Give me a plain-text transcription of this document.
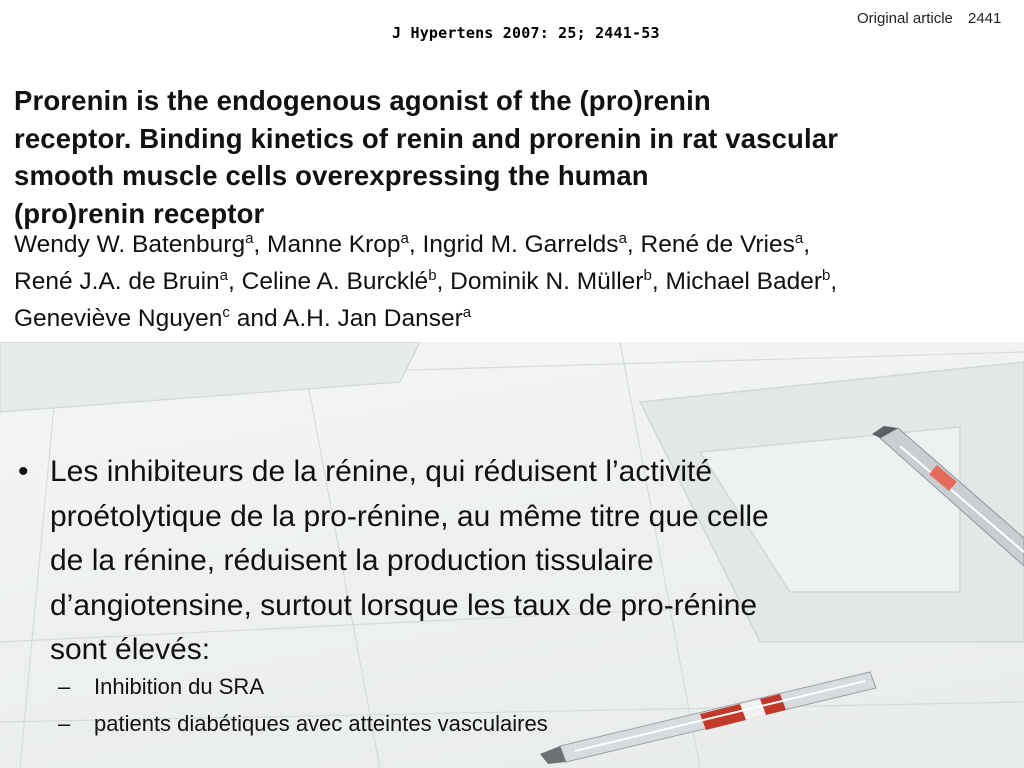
J Hypertens 2007: 25; 2441-53
Original article 2441
Prorenin is the endogenous agonist of the (pro)renin
receptor. Binding kinetics of renin and prorenin in rat vascular
smooth muscle cells overexpressing the human
(pro)renin receptor
Wendy W. Batenburg$^a$, Manne Krop$^a$, Ingrid M. Garrelds$^a$, René de Vries$^a$,
René J.A. de Bruin$^a$, Celine A. Burcklé$^b$, Dominik N. Müller$^b$, Michael Bader$^b$,
Geneviève Nguyen$^c$ and A.H. Jan Danser$^a$
• Les inhibiteurs de la rénine, qui réduisent l’activité
proétolytique de la pro-rénine, au même titre que celle
de la rénine, réduisent la production tissulaire
d’angiotensine, surtout lorsque les taux de pro-rénine
sont élevés:
– Inhibition du SRA
– patients diabétiques avec atteintes vasculaires
